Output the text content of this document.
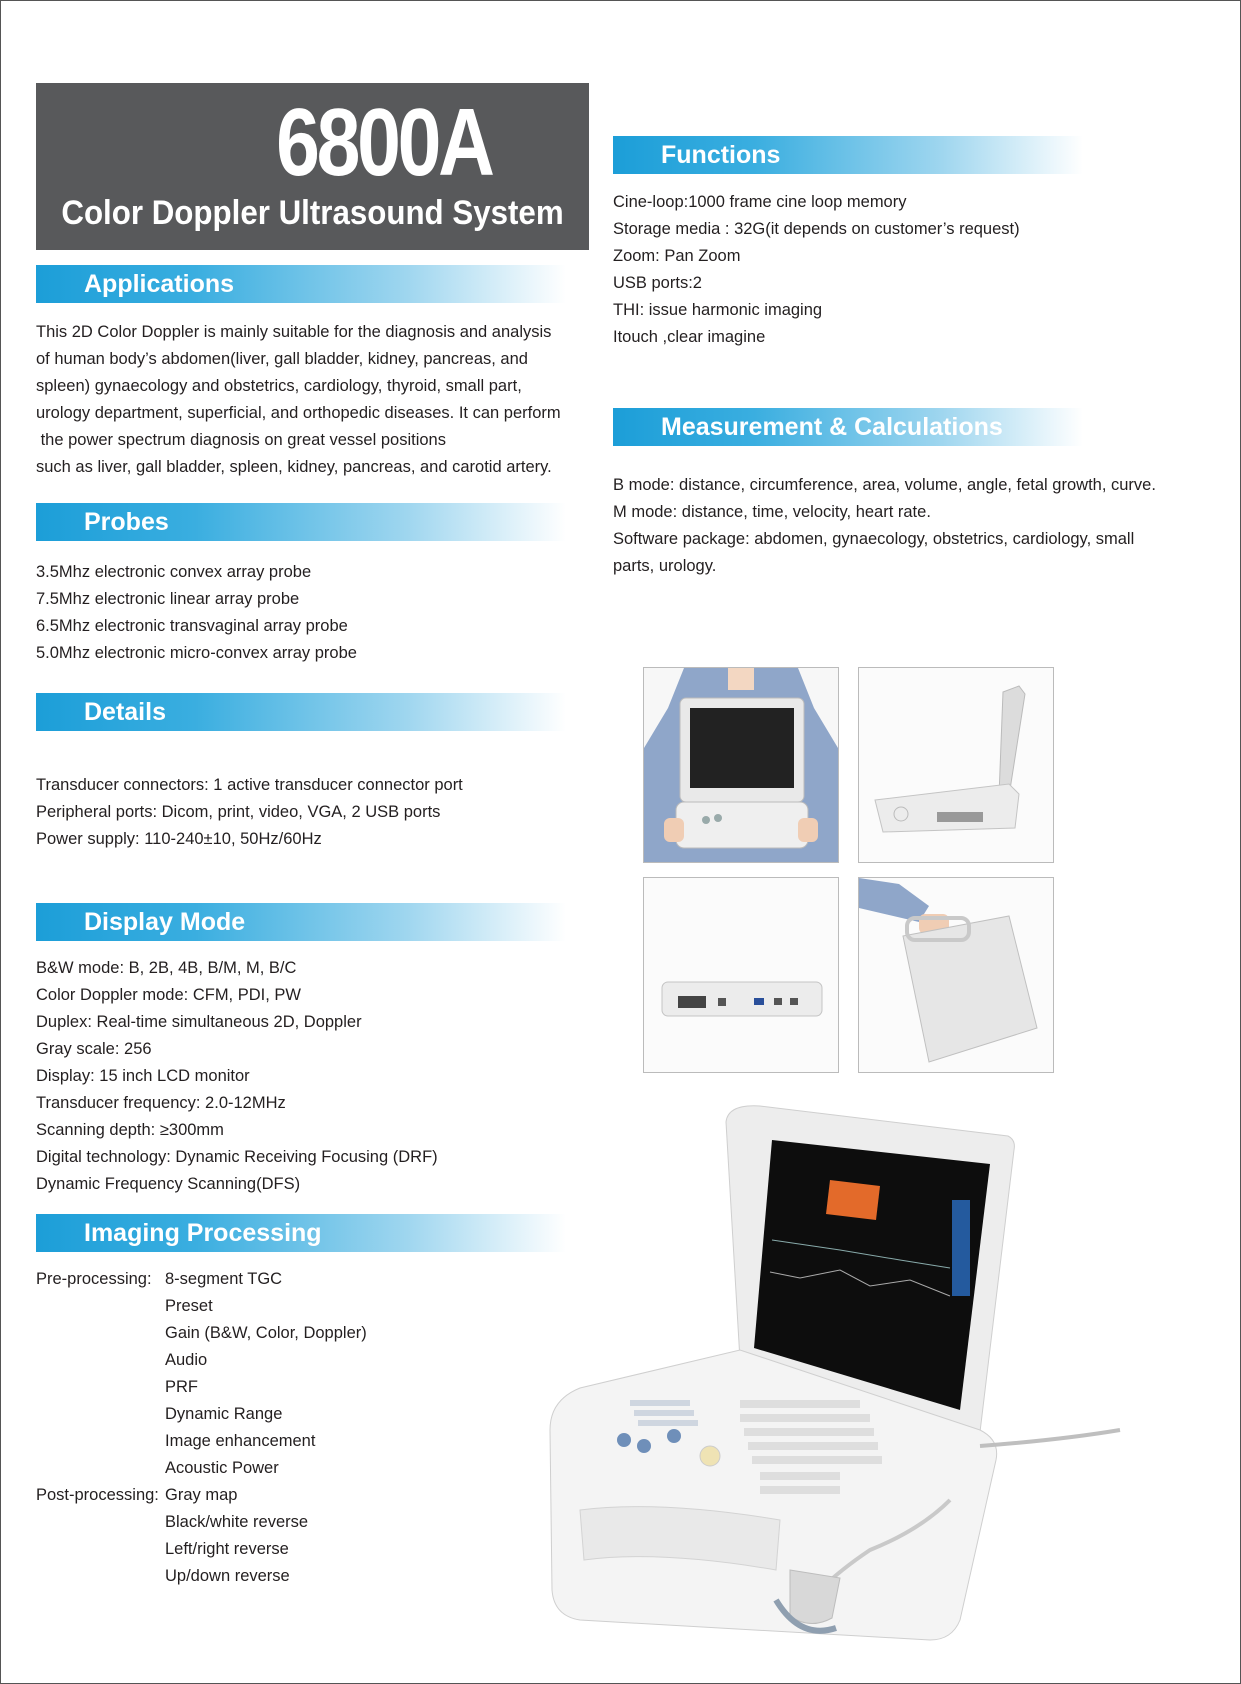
6800A
Color Doppler Ultrasound System
Applications

This 2D Color Doppler is mainly suitable for the diagnosis and analysis

of human body’s abdomen(liver, gall bladder, kidney, pancreas, and

spleen) gynaecology and obstetrics, cardiology, thyroid, small part,

urology department, superficial, and orthopedic diseases. It can perform

the power spectrum diagnosis on great vessel positions

such as liver, gall bladder, spleen, kidney, pancreas, and carotid artery.

Probes

3.5Mhz electronic convex array probe

7.5Mhz electronic linear array probe

6.5Mhz electronic transvaginal array probe

5.0Mhz electronic micro-convex array probe

Details

Transducer connectors: 1 active transducer connector port

Peripheral ports: Dicom, print, video, VGA, 2 USB ports

Power supply: 110-240±10, 50Hz/60Hz

Display Mode

B&W mode: B, 2B, 4B, B/M, M, B/C

Color Doppler mode: CFM, PDI, PW

Duplex: Real-time simultaneous 2D, Doppler

Gray scale: 256

Display: 15 inch LCD monitor

Transducer frequency: 2.0-12MHz

Scanning depth: ≥300mm

Digital technology: Dynamic Receiving Focusing (DRF)

Dynamic Frequency Scanning(DFS)

Imaging Processing
Pre-processing: 8-segment TGC
Preset
Gain (B&W, Color, Doppler)
Audio
PRF
Dynamic Range
Image enhancement
Acoustic Power
Post-processing: Gray map
Black/white reverse
Left/right reverse
Up/down reverse
Functions

Cine-loop:1000 frame cine loop memory

Storage media : 32G(it depends on customer’s request)

Zoom: Pan Zoom

USB ports:2

THI: issue harmonic imaging

Itouch ,clear imagine

Measurement & Calculations

B mode: distance, circumference, area, volume, angle, fetal growth, curve.

M mode: distance, time, velocity, heart rate.

Software package: abdomen, gynaecology, obstetrics, cardiology, small

parts, urology.
